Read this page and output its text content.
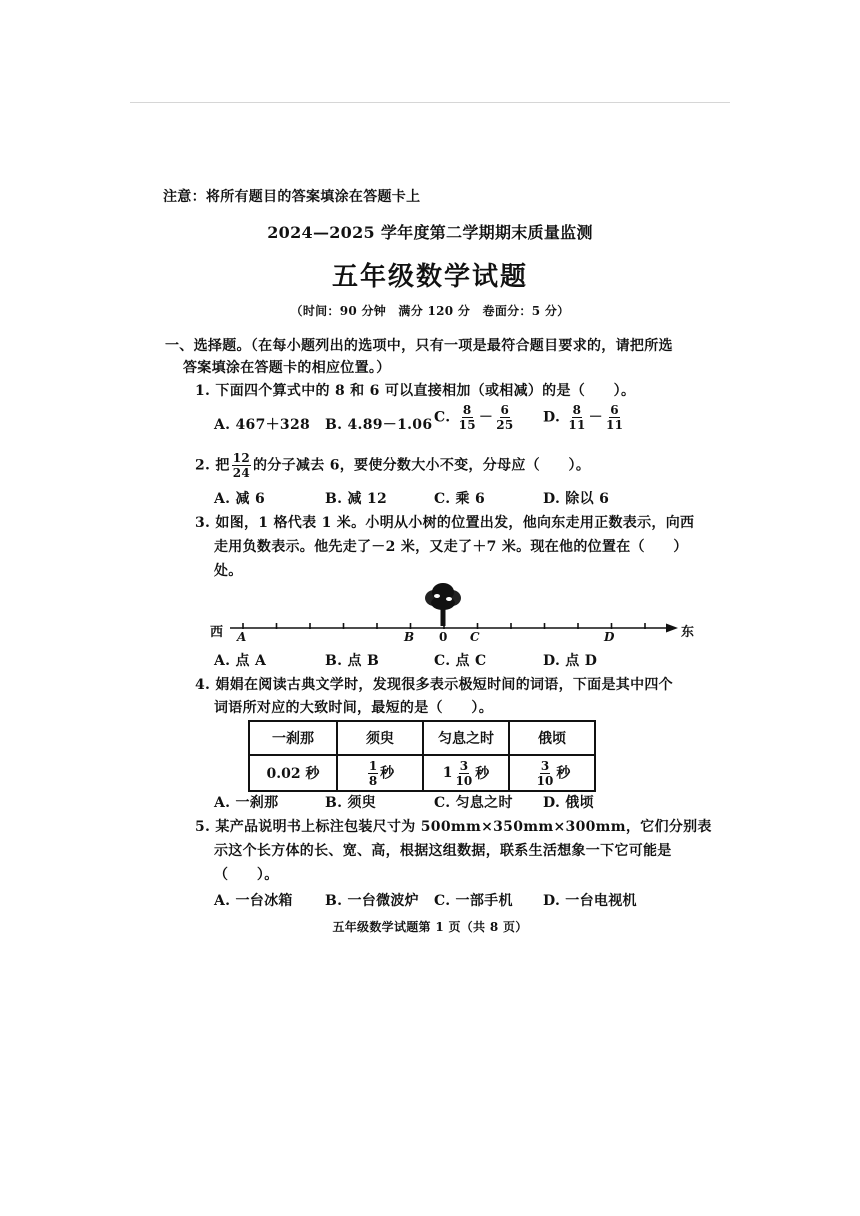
注意：将所有题目的答案填涂在答题卡上
2024—2025 学年度第二学期期末质量监测
五年级数学试题
（时间：90 分钟　满分 120 分　卷面分：5 分）
一、选择题。（在每小题列出的选项中，只有一项是最符合题目要求的，请把所选
答案填涂在答题卡的相应位置。）
1. 下面四个算式中的 8 和 6 可以直接相加（或相减）的是（　　）。
A. 467＋328 B. 4.89－1.06 C. $\frac{8}{15} - \frac{6}{25} D$. $\frac{8}{11} - \frac{6}{11}$
2. 把 $\frac{12}{24}$ 的分子减去 6，要使分数大小不变，分母应（　　）。
A. 减 6	B. 减 12	C. 乘 6	D. 除以 6
3. 如图，1 格代表 1 米。小明从小树的位置出发，他向东走用正数表示，向西
走用负数表示。他先走了－2 米，又走了＋7 米。现在他的位置在（　　）
处。
西	东
A	B 0 C	D
A. 点 A	B. 点 B	C. 点 C	D. 点 D
4. 娟娟在阅读古典文学时，发现很多表示极短时间的词语，下面是其中四个
词语所对应的大致时间，最短的是（　　）。
一刹那	须臾	匀息之时	俄顷
0.02 秒	$\frac{1}{8}$ 秒	$1 \frac{3}{10}$ 秒	$\frac{3}{10}$ 秒
A. 一刹那	B. 须臾	C. 匀息之时 D. 俄顷
5. 某产品说明书上标注包装尺寸为 500mm×350mm×300mm，它们分别表
示这个长方体的长、宽、高，根据这组数据，联系生活想象一下它可能是
（　　）。
A. 一台冰箱 B. 一台微波炉 C. 一部手机 D. 一台电视机
五年级数学试题第 1 页（共 8 页）
